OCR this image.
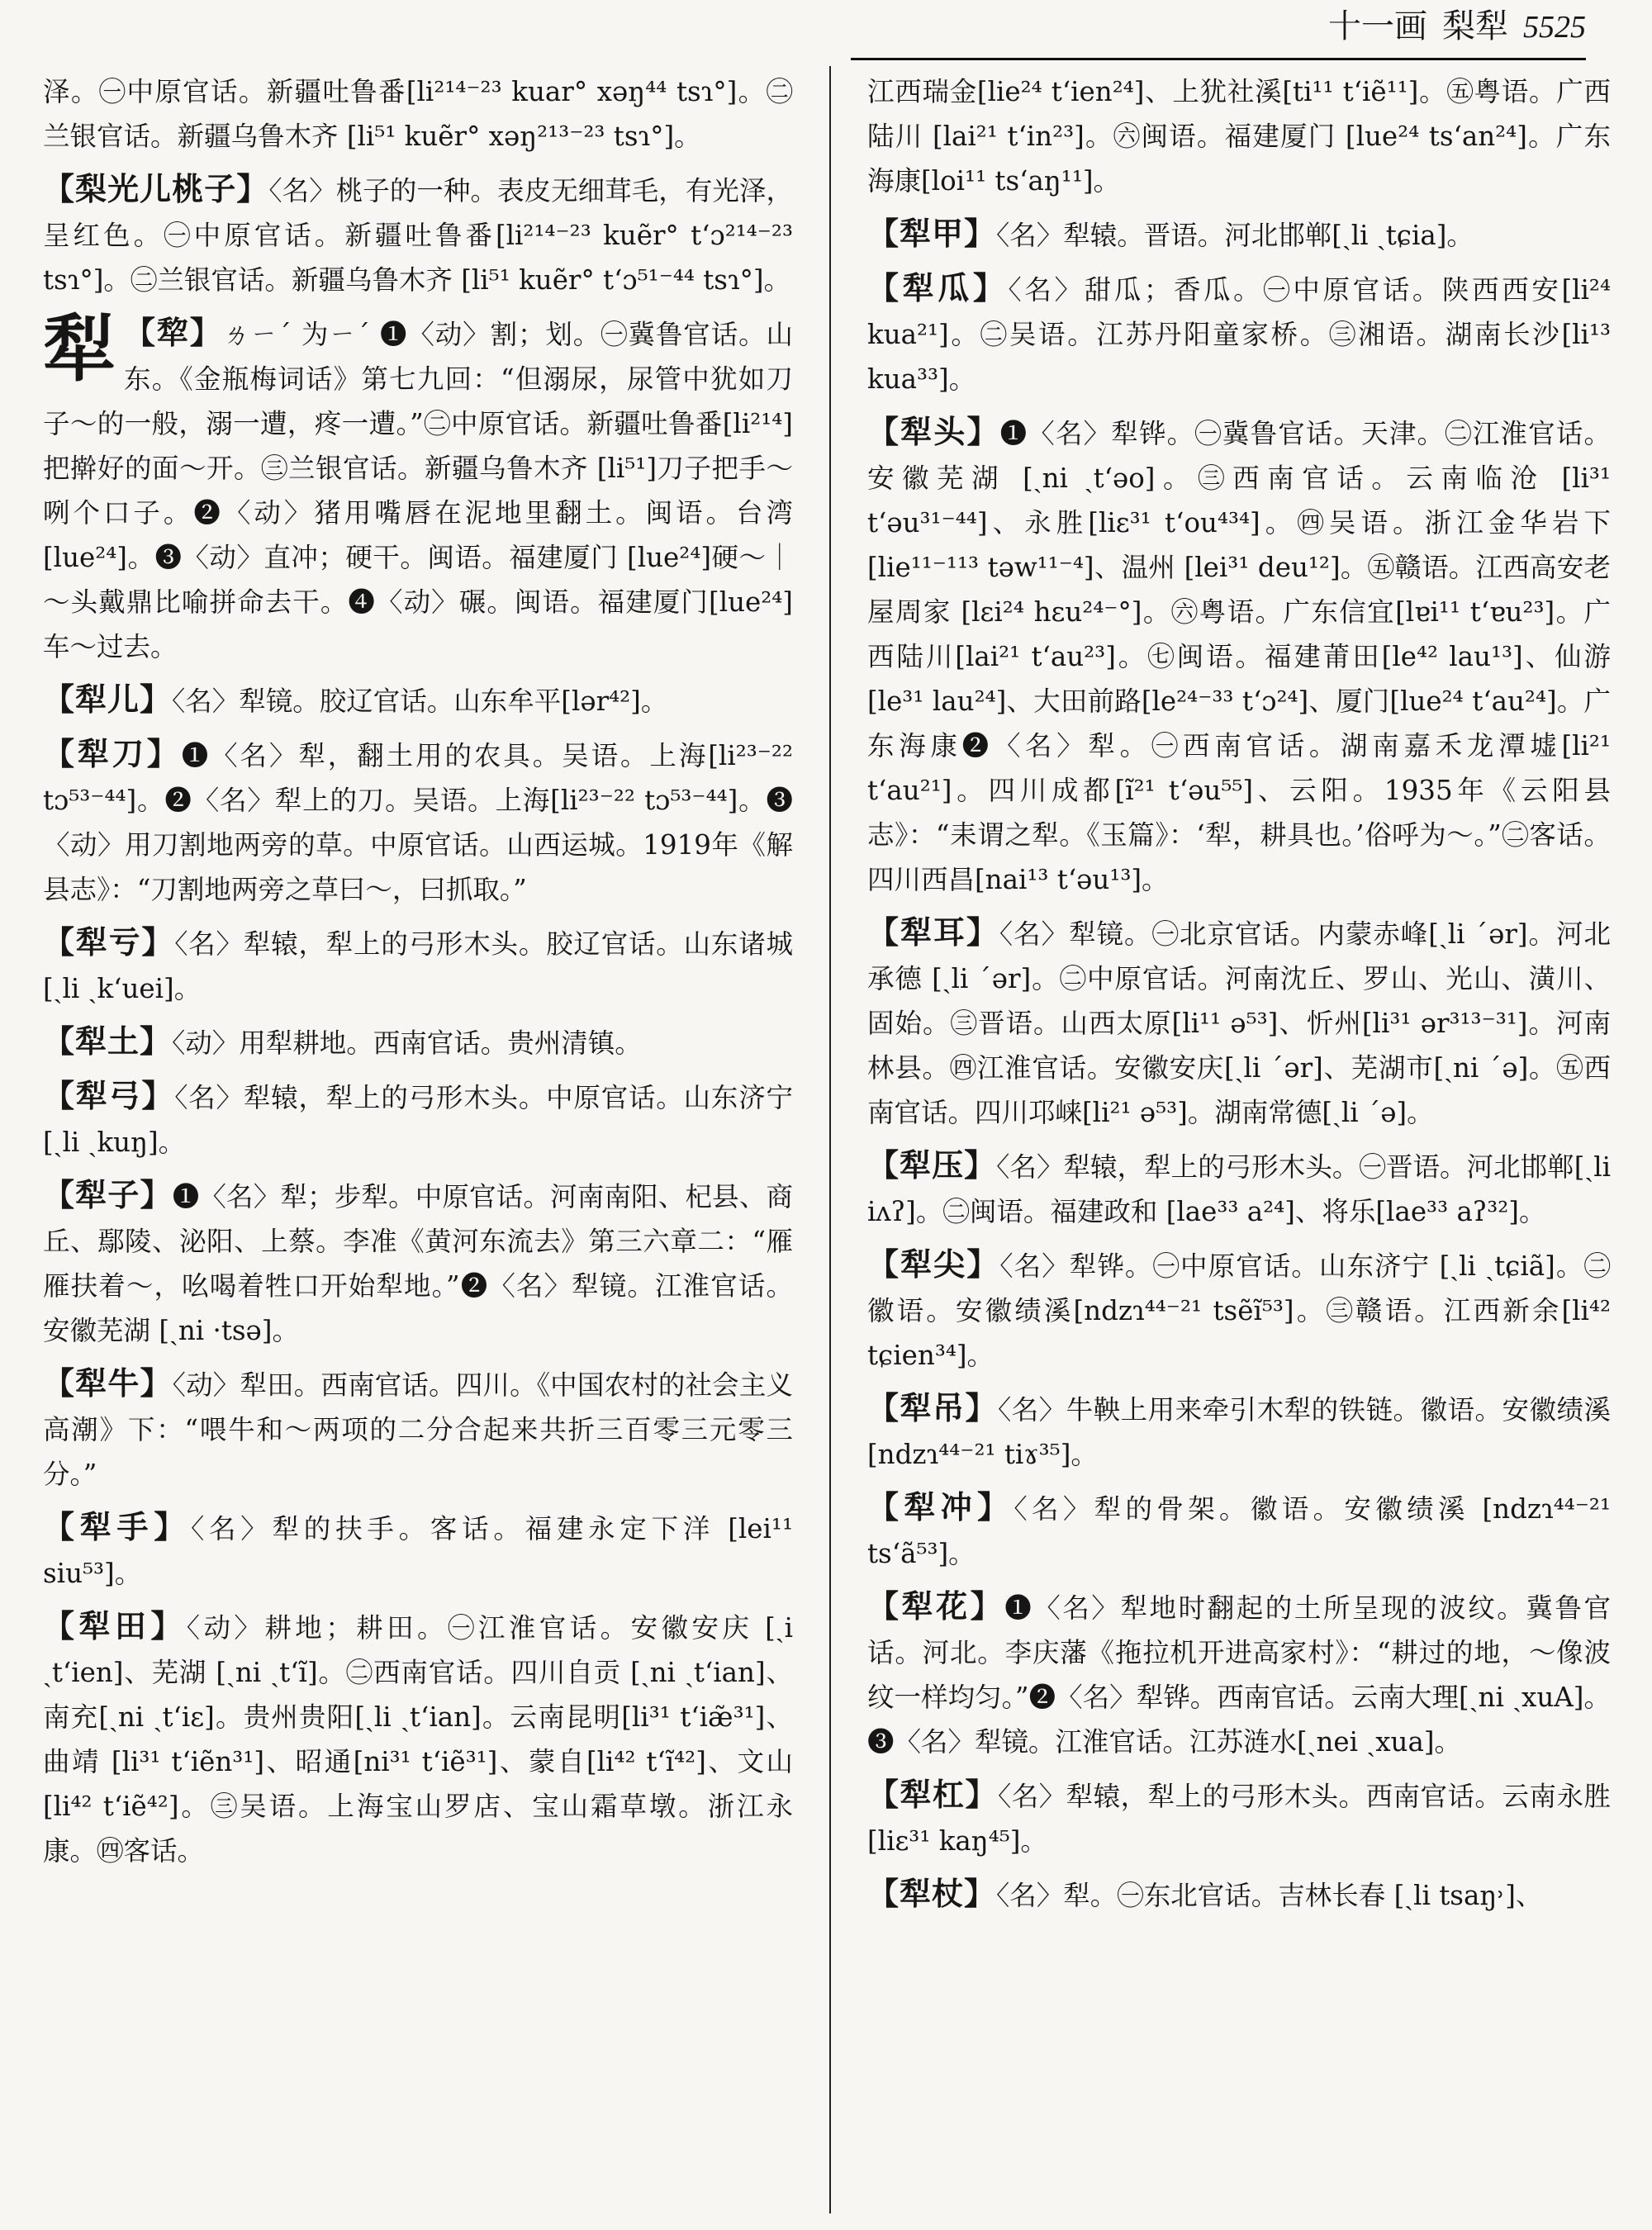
十一画 梨犁 5525

泽。㊀中原官话。新疆吐鲁番[li²¹⁴⁻²³ kuar° xəŋ⁴⁴ tsɿ°]。㊁兰银官话。新疆乌鲁木齐 [li⁵¹ kuẽr° xəŋ²¹³⁻²³ tsɿ°]。

【梨光儿桃子】〈名〉桃子的一种。表皮无细茸毛，有光泽，呈红色。㊀中原官话。新疆吐鲁番[li²¹⁴⁻²³ kuẽr° tʻɔ²¹⁴⁻²³ tsɿ°]。㊁兰银官话。新疆乌鲁木齐 [li⁵¹ kuẽr° tʻɔ⁵¹⁻⁴⁴ tsɿ°]。

犁 【犂】ㄌㄧˊ 为ㄧˊ ❶〈动〉割；划。㊀冀鲁官话。山东。《金瓶梅词话》第七九回：“但溺尿，尿管中犹如刀子～的一般，溺一遭，疼一遭。”㊁中原官话。新疆吐鲁番[li²¹⁴]把擀好的面～开。㊂兰银官话。新疆乌鲁木齐 [li⁵¹]刀子把手～咧个口子。❷〈动〉猪用嘴唇在泥地里翻土。闽语。台湾 [lue²⁴]。❸〈动〉直冲；硬干。闽语。福建厦门 [lue²⁴]硬～｜～头戴鼎比喻拼命去干。❹〈动〉碾。闽语。福建厦门[lue²⁴]车～过去。

【犁儿】〈名〉犁镜。胶辽官话。山东牟平[lər⁴²]。

【犁刀】❶〈名〉犁，翻土用的农具。吴语。上海[li²³⁻²² tɔ⁵³⁻⁴⁴]。❷〈名〉犁上的刀。吴语。上海[li²³⁻²² tɔ⁵³⁻⁴⁴]。❸〈动〉用刀割地两旁的草。中原官话。山西运城。1919年《解县志》：“刀割地两旁之草曰～，曰抓取。”

【犁亏】〈名〉犁辕，犁上的弓形木头。胶辽官话。山东诸城[ˏli ˏkʻuei]。

【犁土】〈动〉用犁耕地。西南官话。贵州清镇。

【犁弓】〈名〉犁辕，犁上的弓形木头。中原官话。山东济宁[ˏli ˏkuŋ]。

【犁子】❶〈名〉犁；步犁。中原官话。河南南阳、杞县、商丘、鄢陵、泌阳、上蔡。李准《黄河东流去》第三六章二：“雁雁扶着～，吆喝着牲口开始犁地。”❷〈名〉犁镜。江淮官话。安徽芜湖 [ˏni ·tsə]。

【犁牛】〈动〉犁田。西南官话。四川。《中国农村的社会主义高潮》下：“喂牛和～两项的二分合起来共折三百零三元零三分。”

【犁手】〈名〉犁的扶手。客话。福建永定下洋 [lei¹¹ siu⁵³]。

【犁田】〈动〉耕地；耕田。㊀江淮官话。安徽安庆 [ˏi ˏtʻien]、芜湖 [ˏni ˏtʻĩ]。㊁西南官话。四川自贡 [ˏni ˏtʻian]、南充[ˏni ˏtʻiɛ]。贵州贵阳[ˏli ˏtʻian]。云南昆明[li³¹ tʻiæ̃³¹]、曲靖 [li³¹ tʻiẽn³¹]、昭通[ni³¹ tʻiẽ³¹]、蒙自[li⁴² tʻĩ⁴²]、文山[li⁴² tʻiẽ⁴²]。㊂吴语。上海宝山罗店、宝山霜草墩。浙江永康。㊃客话。

江西瑞金[lie²⁴ tʻien²⁴]、上犹社溪[ti¹¹ tʻiẽ¹¹]。㊄粤语。广西陆川 [lai²¹ tʻin²³]。㊅闽语。福建厦门 [lue²⁴ tsʻan²⁴]。广东海康[loi¹¹ tsʻaŋ¹¹]。

【犁甲】〈名〉犁辕。晋语。河北邯郸[ˏli ˏtɕia]。

【犁瓜】〈名〉甜瓜；香瓜。㊀中原官话。陕西西安[li²⁴ kua²¹]。㊁吴语。江苏丹阳童家桥。㊂湘语。湖南长沙[li¹³ kua³³]。

【犁头】❶〈名〉犁铧。㊀冀鲁官话。天津。㊁江淮官话。安徽芜湖 [ˏni ˏtʻəo]。㊂西南官话。云南临沧 [li³¹ tʻəu³¹⁻⁴⁴]、永胜[liɛ³¹ tʻou⁴³⁴]。㊃吴语。浙江金华岩下[lie¹¹⁻¹¹³ təw¹¹⁻⁴]、温州 [lei³¹ deu¹²]。㊄赣语。江西高安老屋周家 [lɛi²⁴ hɛu²⁴⁻°]。㊅粤语。广东信宜[lɐi¹¹ tʻɐu²³]。广西陆川[lai²¹ tʻau²³]。㊆闽语。福建莆田[le⁴² lau¹³]、仙游[le³¹ lau²⁴]、大田前路[le²⁴⁻³³ tʻɔ²⁴]、厦门[lue²⁴ tʻau²⁴]。广东海康❷〈名〉犁。㊀西南官话。湖南嘉禾龙潭墟[li²¹ tʻau²¹]。四川成都[ĩ²¹ tʻəu⁵⁵]、云阳。1935年《云阳县志》：“耒谓之犁。《玉篇》：‘犁，耕具也。’俗呼为～。”㊁客话。四川西昌[nai¹³ tʻəu¹³]。

【犁耳】〈名〉犁镜。㊀北京官话。内蒙赤峰[ˏli ˊər]。河北承德 [ˏli ˊər]。㊁中原官话。河南沈丘、罗山、光山、潢川、固始。㊂晋语。山西太原[li¹¹ ə⁵³]、忻州[li³¹ ər³¹³⁻³¹]。河南林县。㊃江淮官话。安徽安庆[ˏli ˊər]、芜湖市[ˏni ˊə]。㊄西南官话。四川邛崃[li²¹ ə⁵³]。湖南常德[ˏli ˊə]。

【犁压】〈名〉犁辕，犁上的弓形木头。㊀晋语。河北邯郸[ˏli iʌʔ]。㊁闽语。福建政和 [lae³³ a²⁴]、将乐[lae³³ aʔ³²]。

【犁尖】〈名〉犁铧。㊀中原官话。山东济宁 [ˏli ˏtɕiã]。㊁徽语。安徽绩溪[ndzɿ⁴⁴⁻²¹ tsẽĩ⁵³]。㊂赣语。江西新余[li⁴² tɕien³⁴]。

【犁吊】〈名〉牛鞅上用来牵引木犁的铁链。徽语。安徽绩溪[ndzɿ⁴⁴⁻²¹ tiɤ³⁵]。

【犁冲】〈名〉犁的骨架。徽语。安徽绩溪 [ndzɿ⁴⁴⁻²¹ tsʻã⁵³]。

【犁花】❶〈名〉犁地时翻起的土所呈现的波纹。冀鲁官话。河北。李庆藩《拖拉机开进高家村》：“耕过的地，～像波纹一样均匀。”❷〈名〉犁铧。西南官话。云南大理[ˏni ˏxuA]。❸〈名〉犁镜。江淮官话。江苏涟水[ˏnei ˏxua]。

【犁杠】〈名〉犁辕，犁上的弓形木头。西南官话。云南永胜[liɛ³¹ kaŋ⁴⁵]。

【犁杖】〈名〉犁。㊀东北官话。吉林长春 [ˏli tsaŋ˒]、
